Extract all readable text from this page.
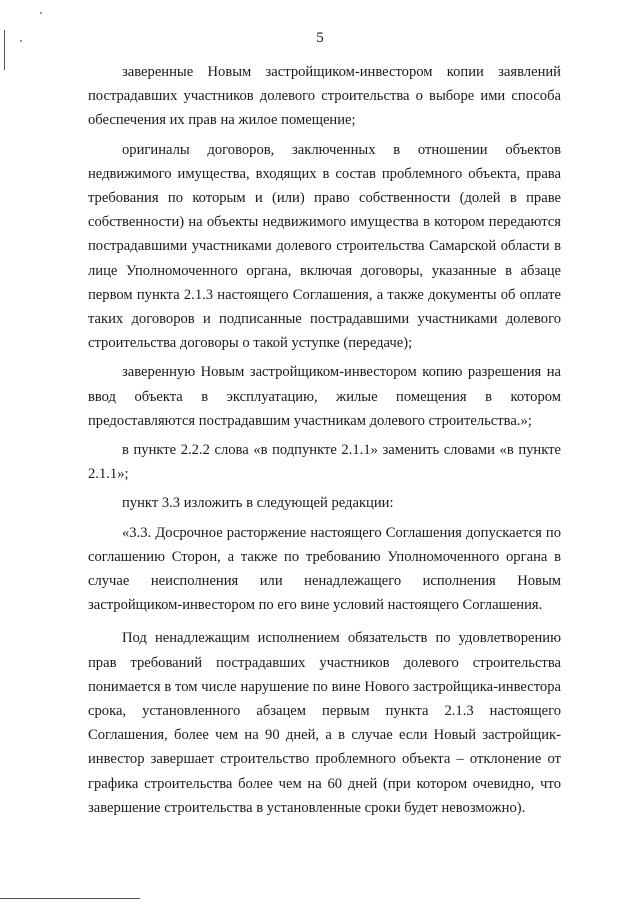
5

заверенные Новым застройщиком-инвестором копии заявлений пострадавших участников долевого строительства о выборе ими способа обеспечения их прав на жилое помещение;

оригиналы договоров, заключенных в отношении объектов недвижимого имущества, входящих в состав проблемного объекта, права требования по которым и (или) право собственности (долей в праве собственности) на объекты недвижимого имущества в котором передаются пострадавшими участниками долевого строительства Самарской области в лице Уполномоченного органа, включая договоры, указанные в абзаце первом пункта 2.1.3 настоящего Соглашения, а также документы об оплате таких договоров и подписанные пострадавшими участниками долевого строительства договоры о такой уступке (передаче);

заверенную Новым застройщиком-инвестором копию разрешения на ввод объекта в эксплуатацию, жилые помещения в котором предоставляются пострадавшим участникам долевого строительства.»;

в пункте 2.2.2 слова «в подпункте 2.1.1» заменить словами «в пункте 2.1.1»;

пункт 3.3 изложить в следующей редакции:

«3.3. Досрочное расторжение настоящего Соглашения допускается по соглашению Сторон, а также по требованию Уполномоченного органа в случае неисполнения или ненадлежащего исполнения Новым застройщиком-инвестором по его вине условий настоящего Соглашения.

Под ненадлежащим исполнением обязательств по удовлетворению прав требований пострадавших участников долевого строительства понимается в том числе нарушение по вине Нового застройщика-инвестора срока, установленного абзацем первым пункта 2.1.3 настоящего Соглашения, более чем на 90 дней, а в случае если Новый застройщик-инвестор завершает строительство проблемного объекта – отклонение от графика строительства более чем на 60 дней (при котором очевидно, что завершение строительства в установленные сроки будет невозможно).
